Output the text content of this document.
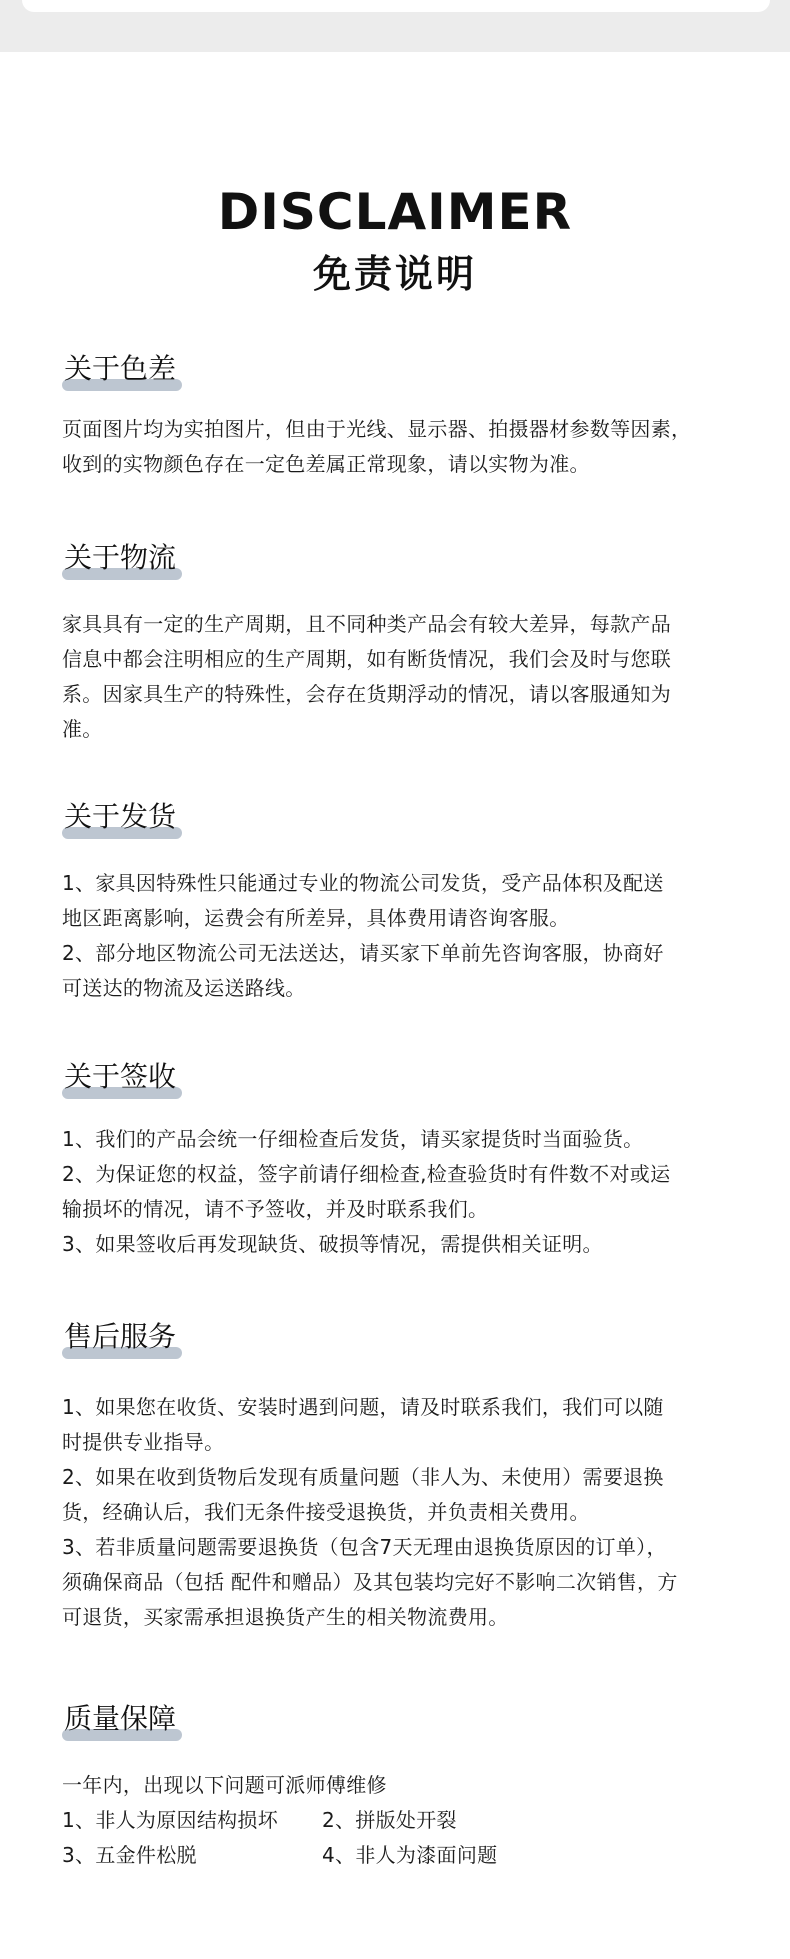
DISCLAIMER
免责说明
关于色差
页面图片均为实拍图片，但由于光线、显示器、拍摄器材参数等因素，
收到的实物颜色存在一定色差属正常现象，请以实物为准。
关于物流
家具具有一定的生产周期，且不同种类产品会有较大差异，每款产品
信息中都会注明相应的生产周期，如有断货情况，我们会及时与您联
系。因家具生产的特殊性，会存在货期浮动的情况，请以客服通知为
准。
关于发货
1、家具因特殊性只能通过专业的物流公司发货，受产品体积及配送
地区距离影响，运费会有所差异，具体费用请咨询客服。
2、部分地区物流公司无法送达，请买家下单前先咨询客服，协商好
可送达的物流及运送路线。
关于签收
1、我们的产品会统一仔细检查后发货，请买家提货时当面验货。
2、为保证您的权益，签字前请仔细检查,检查验货时有件数不对或运
输损坏的情况，请不予签收，并及时联系我们。
3、如果签收后再发现缺货、破损等情况，需提供相关证明。
售后服务
1、如果您在收货、安装时遇到问题，请及时联系我们，我们可以随
时提供专业指导。
2、如果在收到货物后发现有质量问题（非人为、未使用）需要退换
货，经确认后，我们无条件接受退换货，并负责相关费用。
3、若非质量问题需要退换货（包含7天无理由退换货原因的订单），
须确保商品（包括 配件和赠品）及其包装均完好不影响二次销售，方
可退货，买家需承担退换货产生的相关物流费用。
质量保障
一年内，出现以下问题可派师傅维修
1、非人为原因结构损坏	2、拼版处开裂
3、五金件松脱	4、非人为漆面问题
